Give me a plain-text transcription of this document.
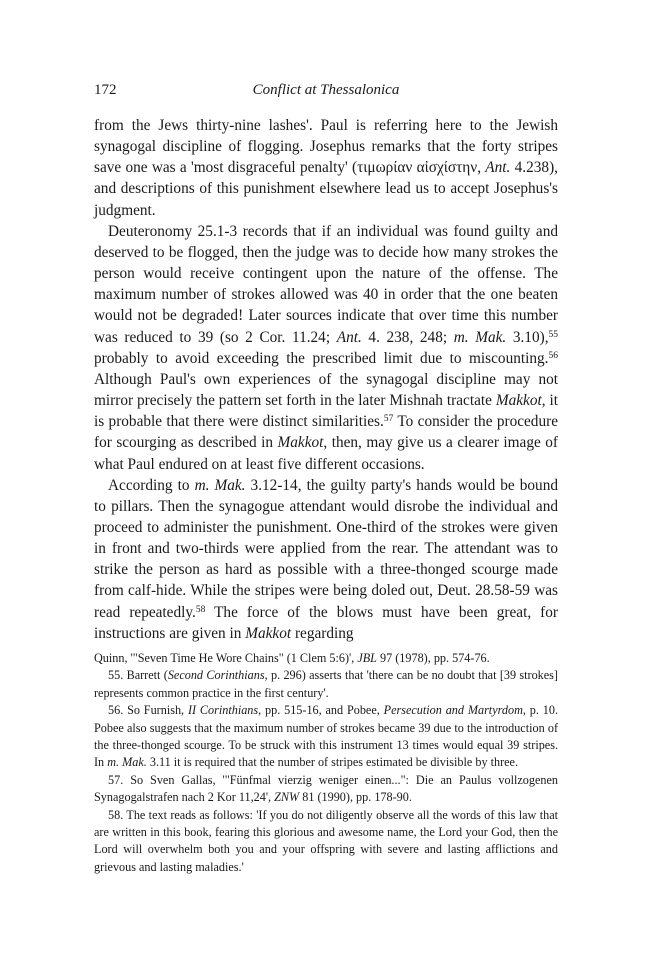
172	Conflict at Thessalonica

from the Jews thirty-nine lashes'. Paul is referring here to the Jewish synagogal discipline of flogging. Josephus remarks that the forty stripes save one was a 'most disgraceful penalty' (τιμωρίαν αἰσχίστην, Ant. 4.238), and descriptions of this punishment elsewhere lead us to accept Josephus's judgment.

Deuteronomy 25.1-3 records that if an individual was found guilty and deserved to be flogged, then the judge was to decide how many strokes the person would receive contingent upon the nature of the offense. The maximum number of strokes allowed was 40 in order that the one beaten would not be degraded! Later sources indicate that over time this number was reduced to 39 (so 2 Cor. 11.24; Ant. 4. 238, 248; m. Mak. 3.10),$^{55}$ probably to avoid exceeding the prescribed limit due to miscounting.$^{56}$ Although Paul's own experiences of the synagogal discipline may not mirror precisely the pattern set forth in the later Mishnah tractate Makkot, it is probable that there were distinct similarities.$^{57}$ To consider the procedure for scourging as described in Makkot, then, may give us a clearer image of what Paul endured on at least five different occasions.

According to m. Mak. 3.12-14, the guilty party's hands would be bound to pillars. Then the synagogue attendant would disrobe the individual and proceed to administer the punishment. One-third of the strokes were given in front and two-thirds were applied from the rear. The attendant was to strike the person as hard as possible with a three-thonged scourge made from calf-hide. While the stripes were being doled out, Deut. 28.58-59 was read repeatedly.$^{58}$ The force of the blows must have been great, for instructions are given in Makkot regarding

Quinn, '"Seven Time He Wore Chains" (1 Clem 5:6)', JBL 97 (1978), pp. 574-76.

55. Barrett (Second Corinthians, p. 296) asserts that 'there can be no doubt that [39 strokes] represents common practice in the first century'.

56. So Furnish, II Corinthians, pp. 515-16, and Pobee, Persecution and Martyrdom, p. 10. Pobee also suggests that the maximum number of strokes became 39 due to the introduction of the three-thonged scourge. To be struck with this instrument 13 times would equal 39 stripes. In m. Mak. 3.11 it is required that the number of stripes estimated be divisible by three.

57. So Sven Gallas, '"Fünfmal vierzig weniger einen...": Die an Paulus vollzogenen Synagogalstrafen nach 2 Kor 11,24', ZNW 81 (1990), pp. 178-90.

58. The text reads as follows: 'If you do not diligently observe all the words of this law that are written in this book, fearing this glorious and awesome name, the Lord your God, then the Lord will overwhelm both you and your offspring with severe and lasting afflictions and grievous and lasting maladies.'
